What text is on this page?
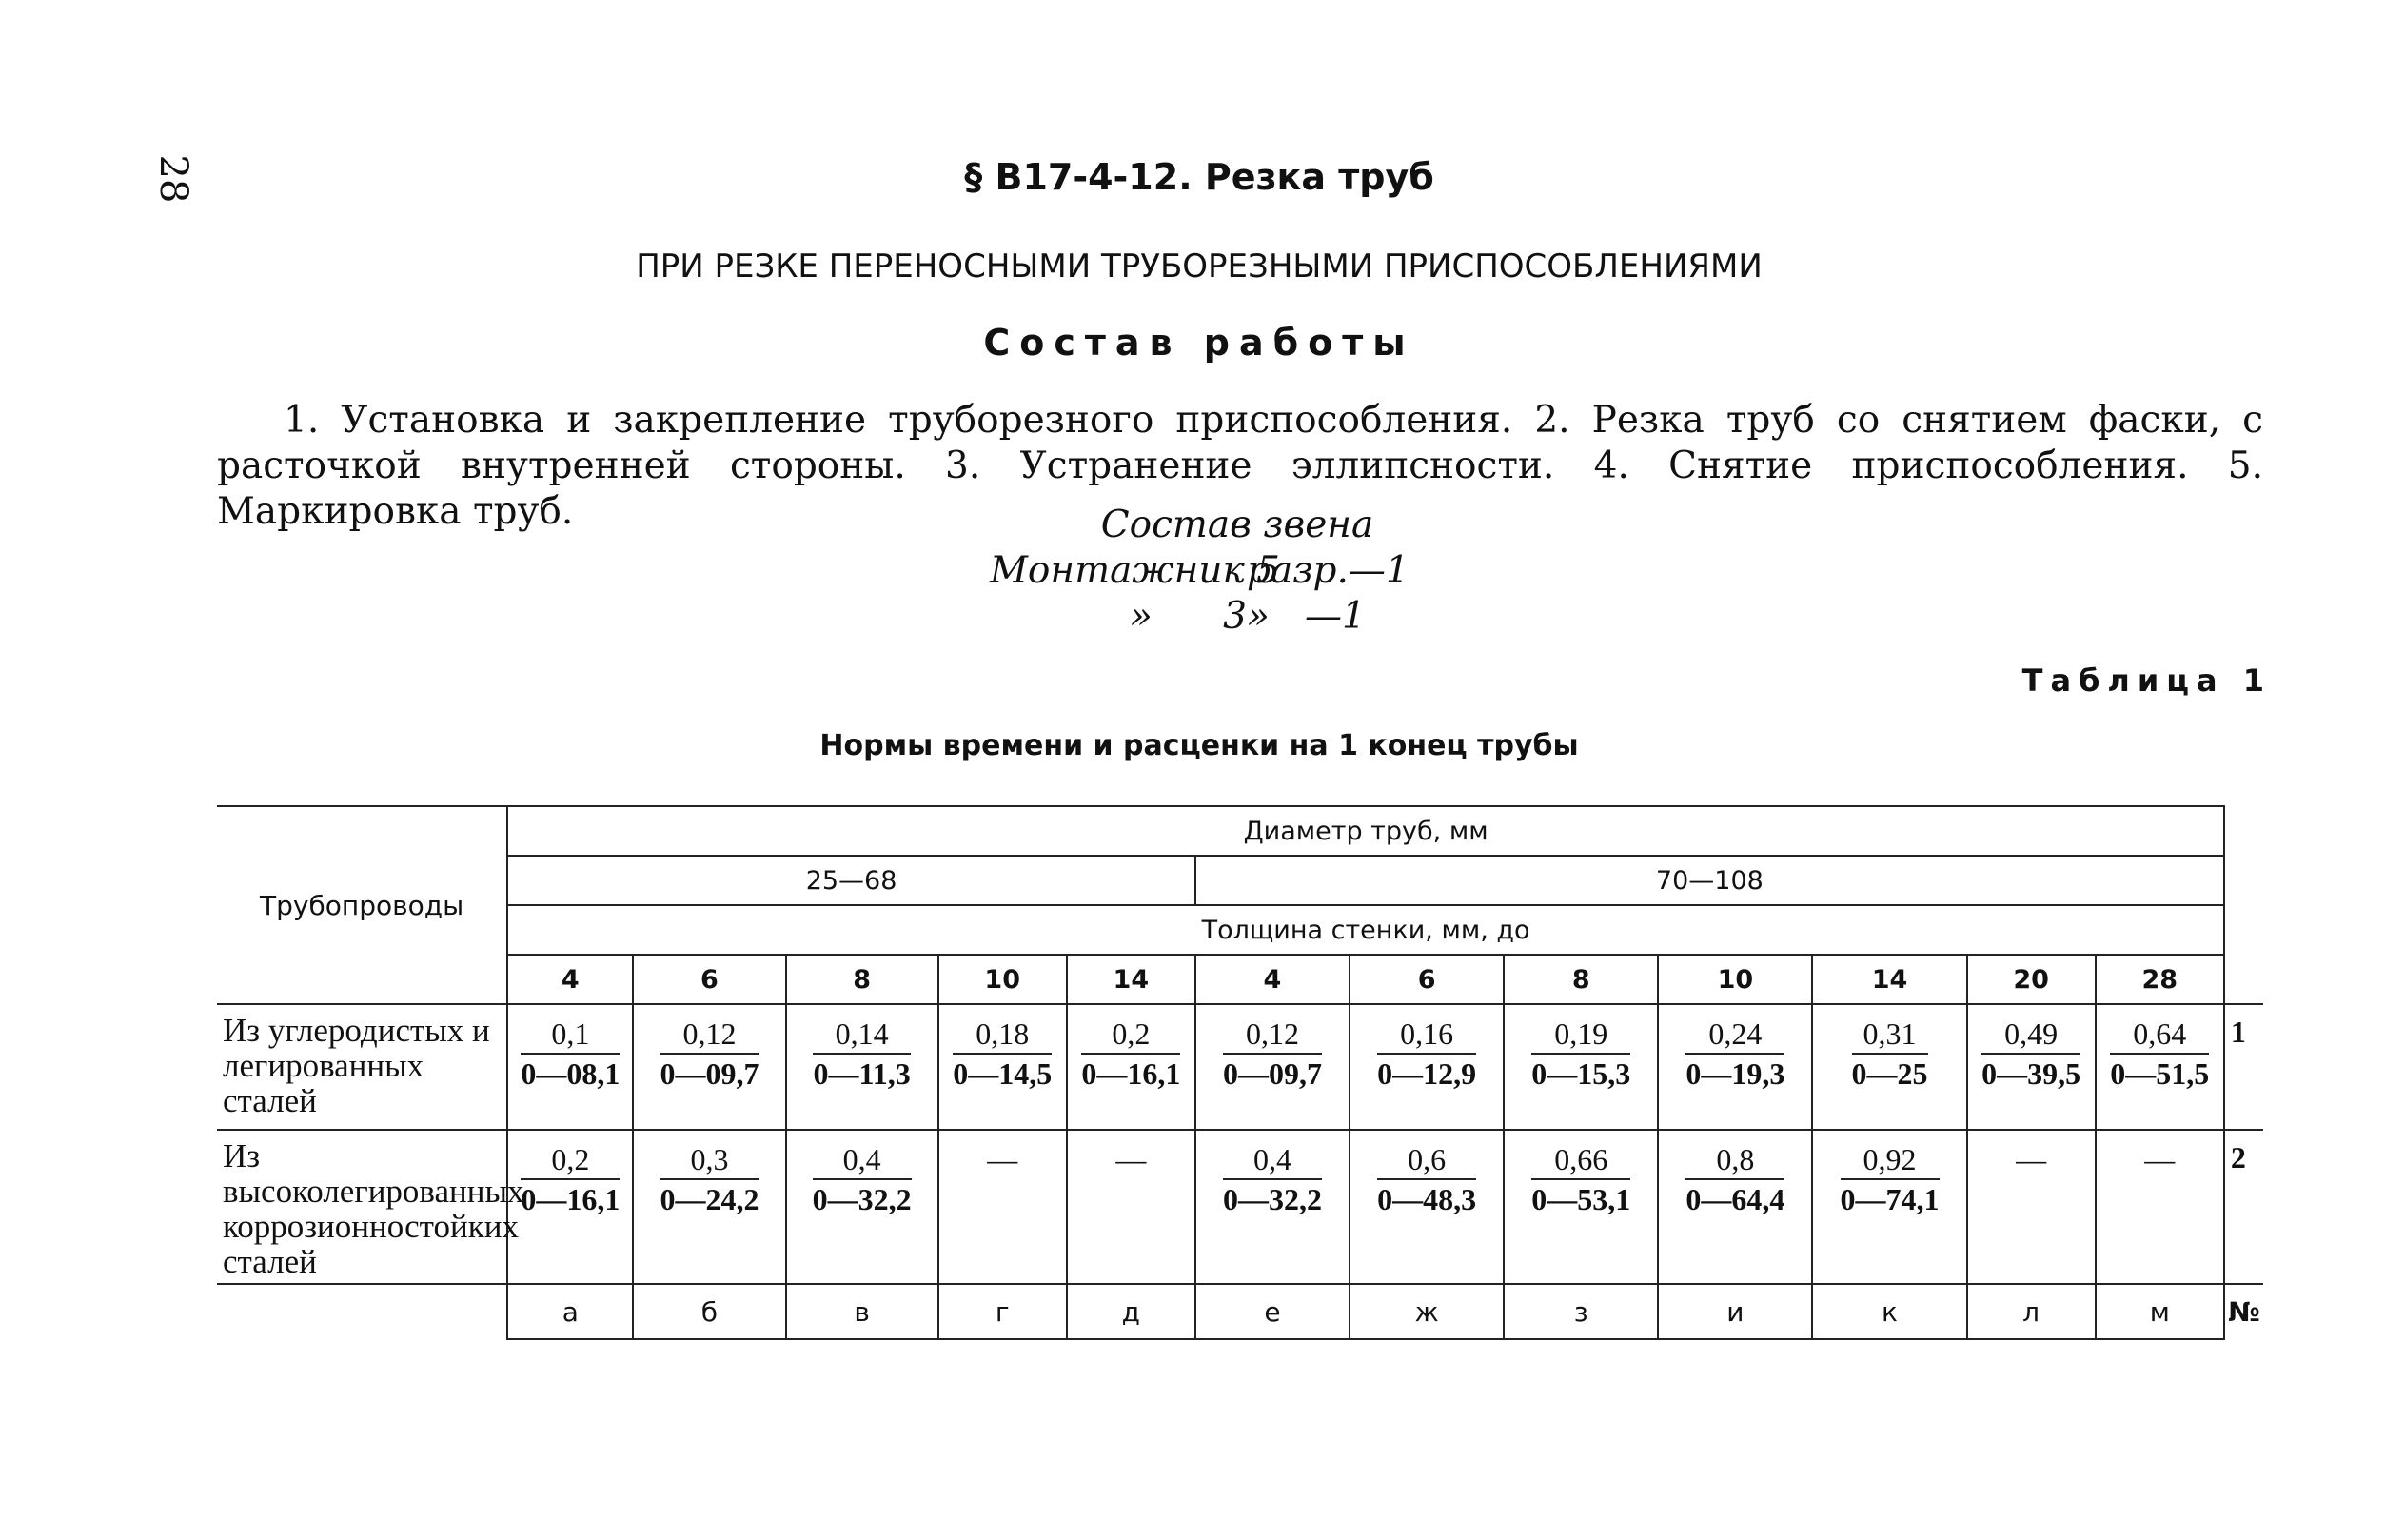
28	§ В17-4-12. Резка труб
ПРИ РЕЗКЕ ПЕРЕНОСНЫМИ ТРУБОРЕЗНЫМИ ПРИСПОСОБЛЕНИЯМИ
Состав работы
1. Установка и закрепление труборезного приспособления. 2. Резка труб со снятием фаски, с расточкой внутренней стороны. 3. Устранение эллипсности. 4. Снятие приспособления. 5. Маркировка труб.	Состав звена
Монтажник 5
разр.—1
»      3 »   —1
Таблица 1
Нормы времени и расценки на 1 конец трубы
Трубопроводы	Диаметр труб, мм												
	25—68					70—108							
	Толщина стенки, мм, до												
	4	6	8	10	14	4	6	8	10	14	20	28	
Из углеродистых и легированных сталей	$\frac{0,1}{0—08,1}$	$\frac{0,12}{0—09,7}$	$\frac{0,14}{0—11,3}$	$\frac{0,18}{0—14,5}$	$\frac{0,2}{0—16,1}$	$\frac{0,12}{0—09,7}$	$\frac{0,16}{0—12,9}$	$\frac{0,19}{0—15,3}$	$\frac{0,24}{0—19,3}$	$\frac{0,31}{0—25}$	$\frac{0,49}{0—39,5}$	$\frac{0,64}{0—51,5}$	1
Из высоколегированных коррозионностойких сталей	$\frac{0,2}{0—16,1}$	$\frac{0,3}{0—24,2}$	$\frac{0,4}{0—32,2}$	—	—	$\frac{0,4}{0—32,2}$	$\frac{0,6}{0—48,3}$	$\frac{0,66}{0—53,1}$	$\frac{0,8}{0—64,4}$	$\frac{0,92}{0—74,1}$	—	—	2
	а	б	в	г	д	е	ж	з	и	к	л	м	№
